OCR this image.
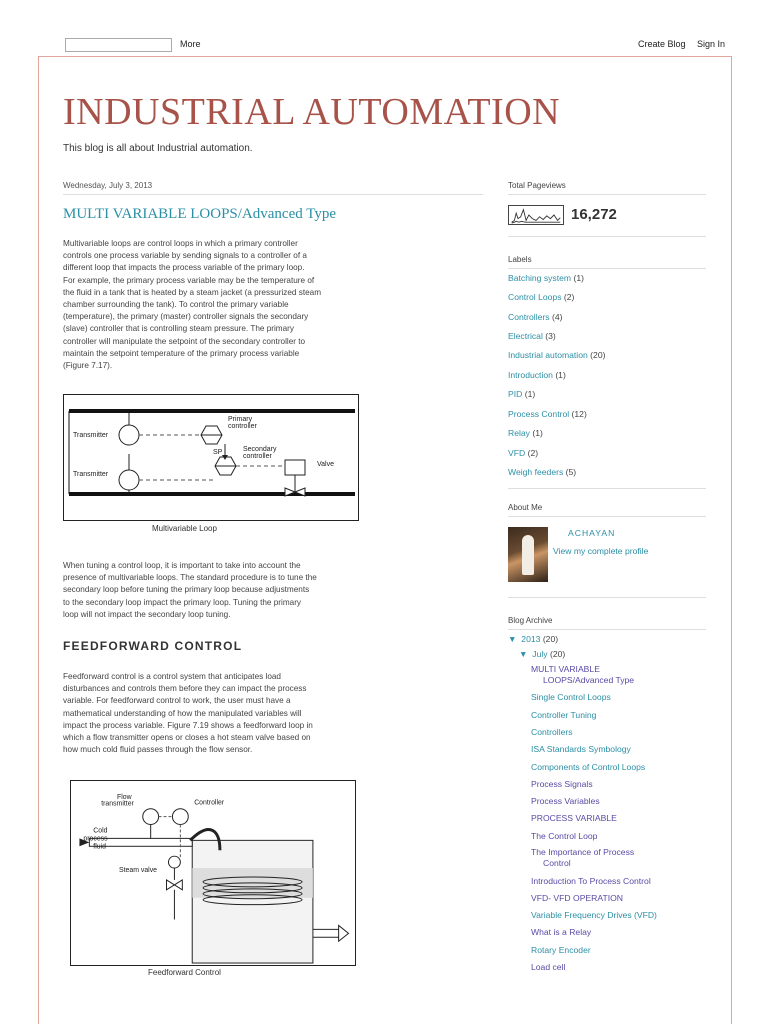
More	Create Blog Sign In
INDUSTRIAL AUTOMATION
This blog is all about Industrial automation.
Wednesday, July 3, 2013
MULTI VARIABLE LOOPS/Advanced Type
Multivariable loops are control loops in which a primary controller
controls one process variable by sending signals to a controller of a
different loop that impacts the process variable of the primary loop.
For example, the primary process variable may be the temperature of
the fluid in a tank that is heated by a steam jacket (a pressurized steam
chamber surrounding the tank). To control the primary variable
(temperature), the primary (master) controller signals the secondary
(slave) controller that is controlling steam pressure. The primary
controller will manipulate the setpoint of the secondary controller to
maintain the setpoint temperature of the primary process variable
(Figure 7.17).
Transmitter
Transmitter
Primary
controller
Secondary
controller
SP
Valve
Multivariable Loop
When tuning a control loop, it is important to take into account the
presence of multivariable loops. The standard procedure is to tune the
secondary loop before tuning the primary loop because adjustments
to the secondary loop impact the primary loop. Tuning the primary
loop will not impact the secondary loop tuning.
FEEDFORWARD CONTROL
Feedforward control is a control system that anticipates load
disturbances and controls them before they can impact the process
variable. For feedforward control to work, the user must have a
mathematical understanding of how the manipulated variables will
impact the process variable. Figure 7.19 shows a feedforward loop in
which a flow transmitter opens or closes a hot steam valve based on
how much cold fluid passes through the flow sensor.
Flow
transmitter	Controller
Cold
process
fluid
Steam valve
Feedforward Control
Total Pageviews
16,272
Labels
Batching system (1)
Control Loops (2)
Controllers (4)
Electrical (3)
Industrial automation (20)
Introduction (1)
PID (1)
Process Control (12)
Relay (1)
VFD (2)
Weigh feeders (5)
About Me
ACHAYAN
View my complete profile
Blog Archive
▼ 2013 (20)
▼ July (20)
MULTI VARIABLE
LOOPS/Advanced Type
Single Control Loops
Controller Tuning
Controllers
ISA Standards Symbology
Components of Control Loops
Process Signals
Process Variables
PROCESS VARIABLE
The Control Loop
The Importance of Process
Control
Introduction To Process Control
VFD- VFD OPERATION
Variable Frequency Drives (VFD)
What is a Relay
Rotary Encoder
Load cell
